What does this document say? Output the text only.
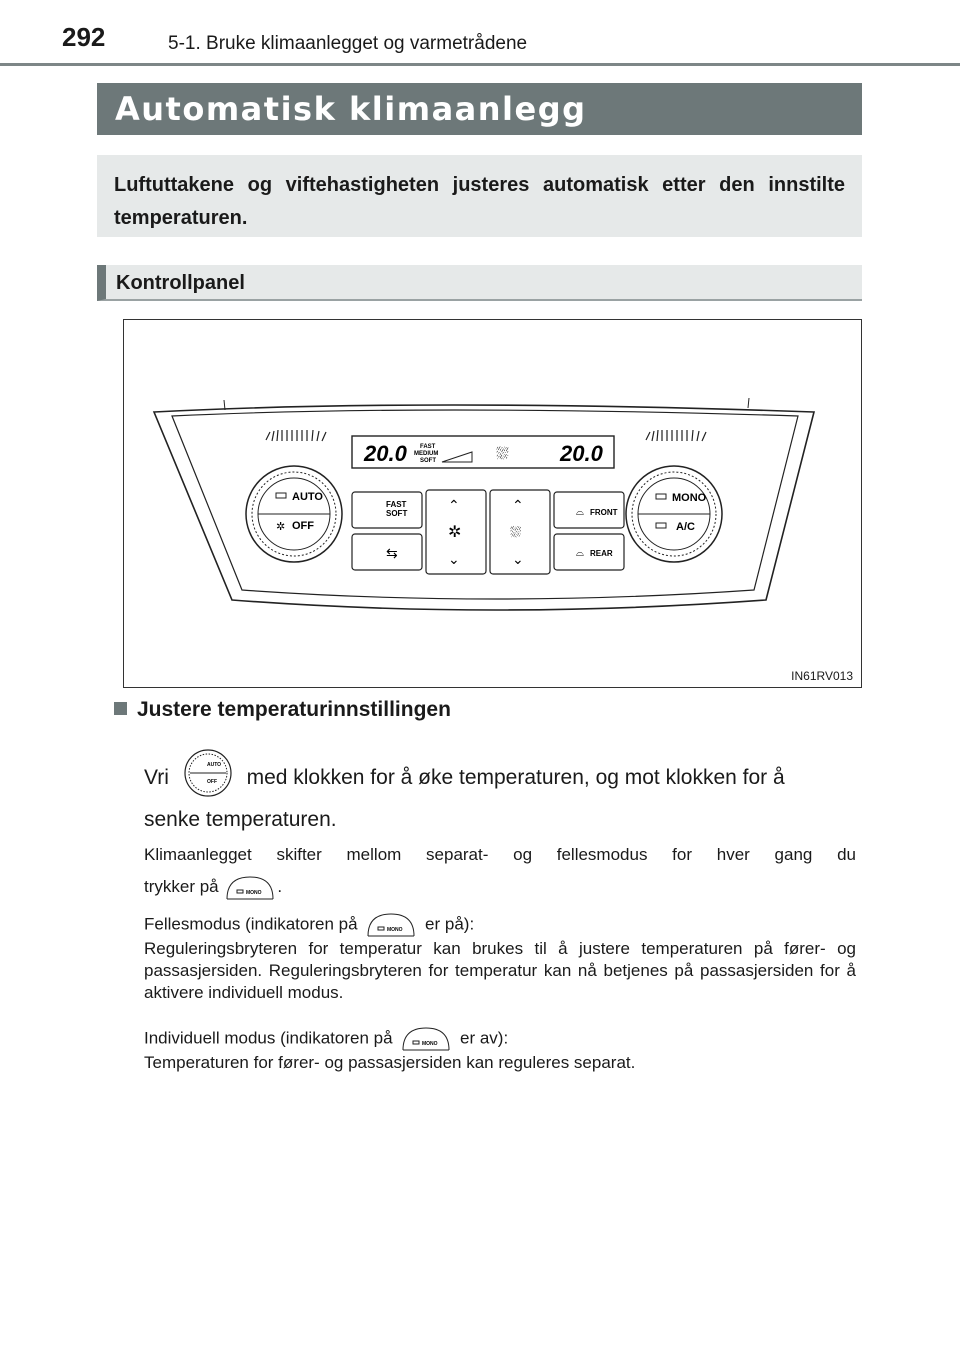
292	5-1. Bruke klimaanlegget og varmetrådene
Automatisk klimaanlegg
Luftuttakene og viftehastigheten justeres automatisk etter den innstilte temperaturen.
Kontrollpanel
20.0 FAST
MEDIUM
SOFT	⛆ 20.0
AUTO
✲ OFF
FAST
SOFT
⇆
⌃
✲
⌄
⌃
⛆
⌄
⌓ FRONT
⌓ REAR
MONO
A/C
IN61RV013
Justere temperaturinnstillingen
Vri
AUTO
OFF med klokken for å øke temperaturen, og mot klokken for å
senke temperaturen.
Klimaanlegget skifter mellom separat- og fellesmodus for hver gang du
trykker på	MONO .
Fellesmodus (indikatoren på	MONO er på):
Reguleringsbryteren for temperatur kan brukes til å justere temperaturen på fører- og passasjersiden. Reguleringsbryteren for temperatur kan nå betjenes på passasjersiden for å aktivere individuell modus.
Individuell modus (indikatoren på	MONO er av):
Temperaturen for fører- og passasjersiden kan reguleres separat.
